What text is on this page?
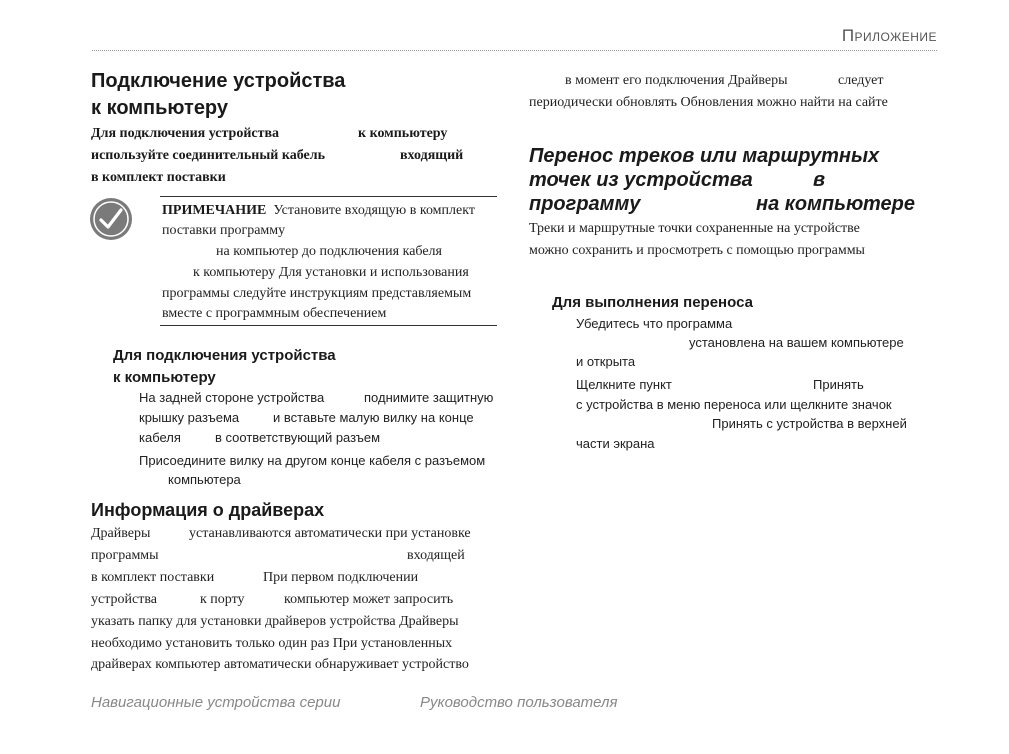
Приложение
Подключение устройства
к компьютеру
Для подключения устройства	к компьютеру
используйте соединительный кабель	входящий
в комплект поставки
ПРИМЕЧАНИЕ Установите входящую в комплект
поставки программу
на компьютер до подключения кабеля
к компьютеру Для установки и использования
программы следуйте инструкциям представляемым
вместе с программным обеспечением
Для подключения устройства
к компьютеру
На задней стороне устройства	поднимите защитную
крышку разъема	и вставьте малую вилку на конце
кабеля	в соответствующий разъем
Присоедините вилку на другом конце кабеля с разъемом
компьютера
Информация о драйверах
Драйверы	устанавливаются автоматически при установке
программы	входящей
в комплект поставки	При первом подключении
устройства	к порту	компьютер может запросить
указать папку для установки драйверов устройства Драйверы
необходимо установить только один раз При установленных
драйверах компьютер автоматически обнаруживает устройство
в момент его подключения Драйверы	следует
периодически обновлять Обновления можно найти на сайте
Перенос треков или маршрутных
точек из устройства	в
программу	на компьютере
Треки и маршрутные точки сохраненные на устройстве
можно сохранить и просмотреть с помощью программы
Для выполнения переноса
Убедитесь что программа
установлена на вашем компьютере
и открыта
Щелкните пункт	Принять
с устройства в меню переноса или щелкните значок
Принять с устройства в верхней
части экрана
Навигационные устройства серии	Руководство пользователя
